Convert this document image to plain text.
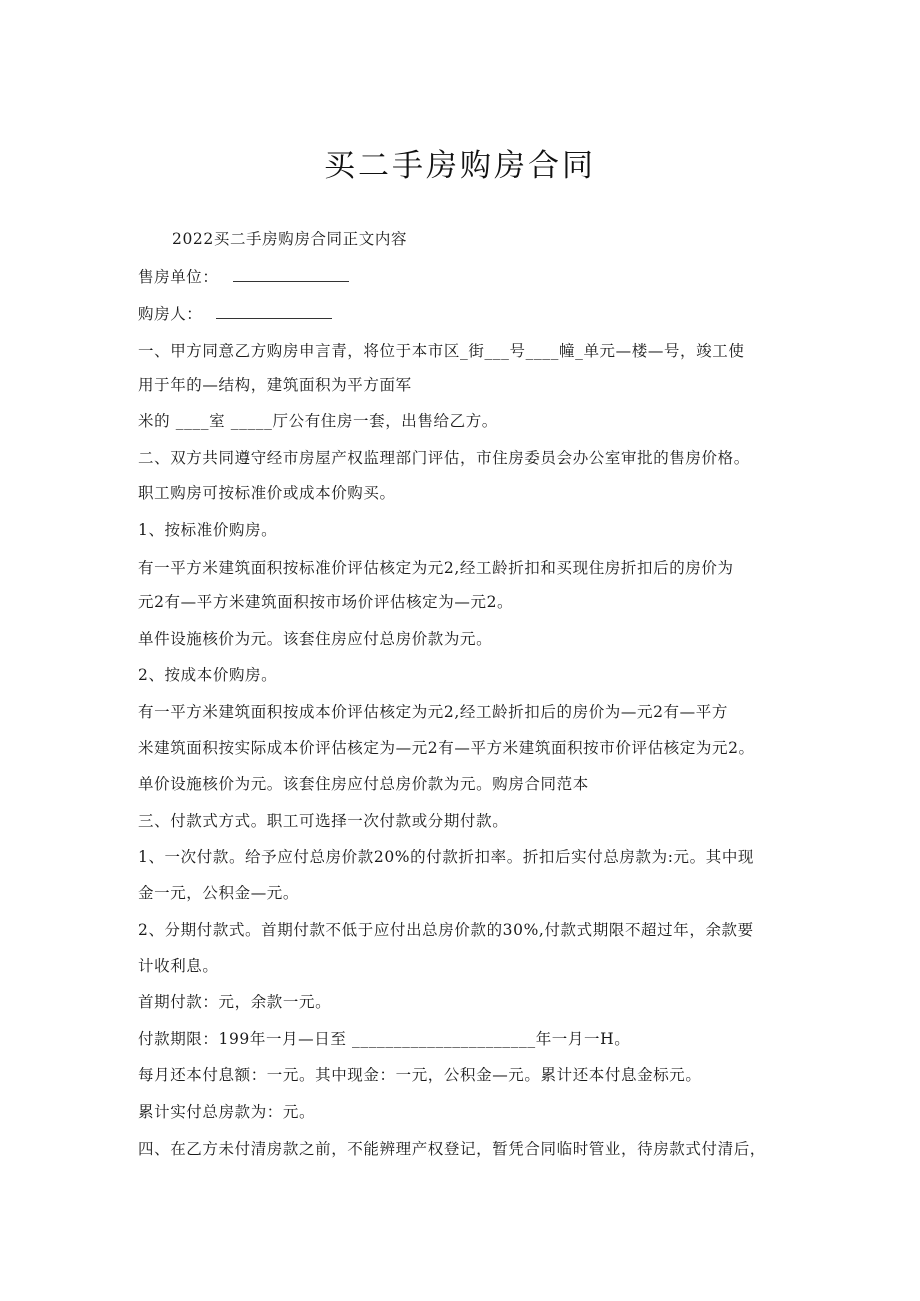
买二手房购房合同
2022买二手房购房合同正文内容
售房单位：
购房人：
一、甲方同意乙方购房申言青，将位于本市区_街___号____幢_单元—楼—号，竣工使
用于年的—结构，建筑面积为平方面军
米的 ____室 _____厅公有住房一套，出售给乙方。
二、双方共同遵守经市房屋产权监理部门评估，市住房委员会办公室审批的售房价格。
职工购房可按标准价或成本价购买。
1、按标准价购房。
有一平方米建筑面积按标准价评估核定为元2,经工龄折扣和买现住房折扣后的房价为
元2有—平方米建筑面积按市场价评估核定为—元2。
单件设施核价为元。该套住房应付总房价款为元。
2、按成本价购房。
有一平方米建筑面积按成本价评估核定为元2,经工龄折扣后的房价为—元2有—平方
米建筑面积按实际成本价评估核定为—元2有—平方米建筑面积按市价评估核定为元2。
单价设施核价为元。该套住房应付总房价款为元。购房合同范本
三、付款式方式。职工可选择一次付款或分期付款。
1、一次付款。给予应付总房价款20%的付款折扣率。折扣后实付总房款为:元。其中现
金一元，公积金—元。
2、分期付款式。首期付款不低于应付出总房价款的30%,付款式期限不超过年，余款要
计收利息。
首期付款：元，余款一元。
付款期限：199年一月—日至 ______________________年一月一H。
每月还本付息额：一元。其中现金：一元，公积金—元。累计还本付息金标元。
累计实付总房款为：元。
四、在乙方未付清房款之前，不能辨理产权登记，暂凭合同临时管业，待房款式付清后，
